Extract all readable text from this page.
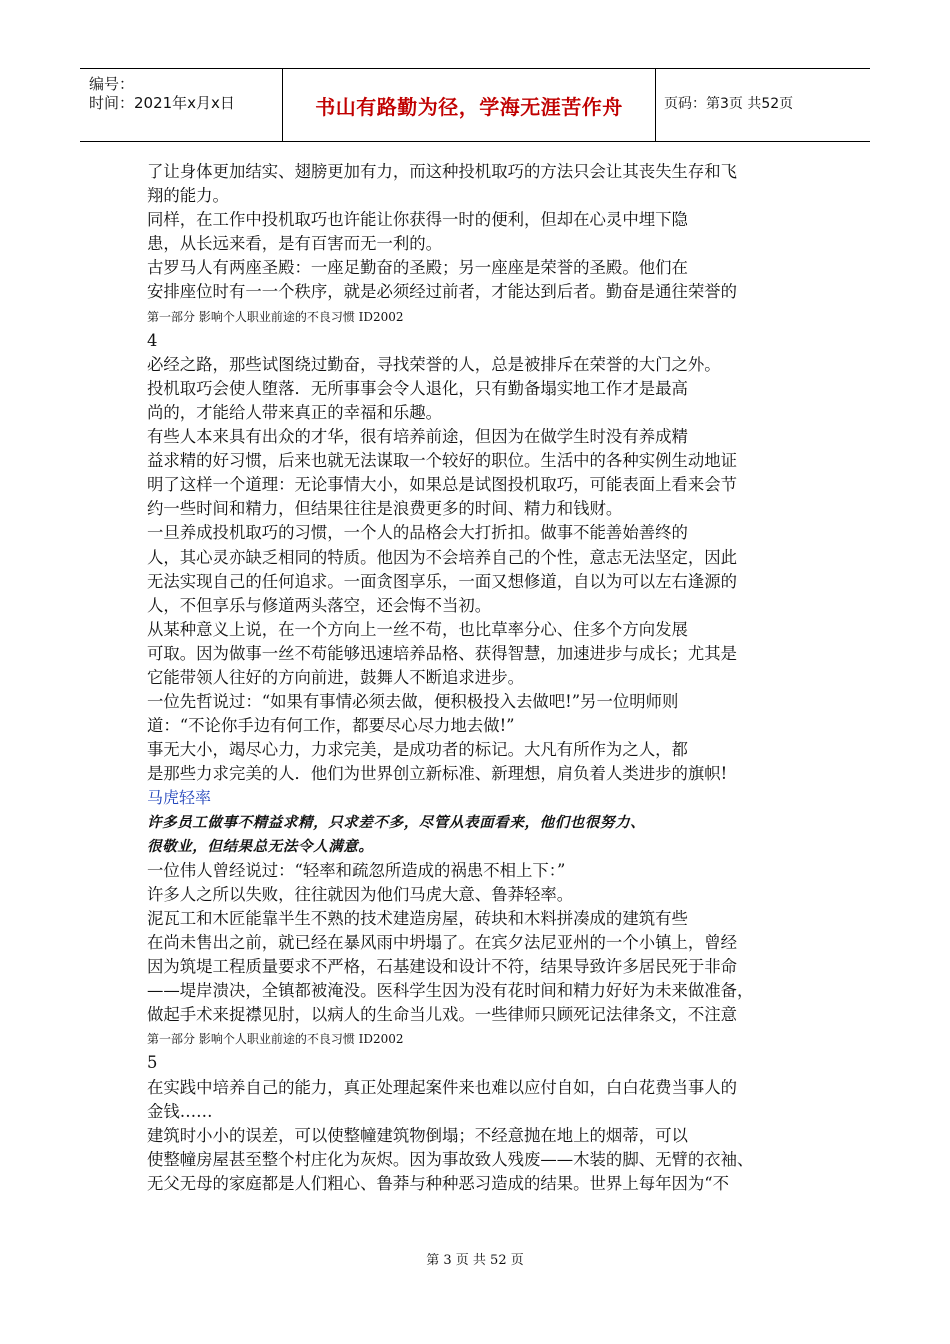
编号：
时间：2021年x月x日	书山有路勤为径，学海无涯苦作舟	页码：第3页 共52页
了让身体更加结实、翅膀更加有力，而这种投机取巧的方法只会让其丧失生存和飞
翔的能力。
同样，在工作中投机取巧也许能让你获得一时的便利，但却在心灵中埋下隐
患，从长远来看，是有百害而无一利的。
古罗马人有两座圣殿：一座足勤奋的圣殿；另一座座是荣誉的圣殿。他们在
安排座位时有一一个秩序，就是必须经过前者，才能达到后者。勤奋是通往荣誉的
第一部分 影响个人职业前途的不良习惯 ID2002
4
必经之路，那些试图绕过勤奋，寻找荣誉的人，总是被排斥在荣誉的大门之外。
投机取巧会使人堕落．无所事事会令人退化，只有勤备塌实地工作才是最高
尚的，才能给人带来真正的幸福和乐趣。
有些人本来具有出众的才华，很有培养前途，但因为在做学生时没有养成精
益求精的好习惯，后来也就无法谋取一个较好的职位。生活中的各种实例生动地证
明了这样一个道理：无论事情大小，如果总是试图投机取巧，可能表面上看来会节
约一些时间和精力，但结果往往是浪费更多的时间、精力和钱财。
一旦养成投机取巧的习惯，一个人的品格会大打折扣。做事不能善始善终的
人，其心灵亦缺乏相同的特质。他因为不会培养自己的个性，意志无法坚定，因此
无法实现自己的任何追求。一面贪图享乐，一面又想修道，自以为可以左右逢源的
人，不但享乐与修道两头落空，还会悔不当初。
从某种意义上说，在一个方向上一丝不苟，也比草率分心、住多个方向发展
可取。因为做事一丝不苟能够迅速培养品格、获得智慧，加速进步与成长；尤其是
它能带领人往好的方向前进，鼓舞人不断追求进步。
一位先哲说过：“如果有事情必须去做，便积极投入去做吧!”另一位明师则
道：“不论你手边有何工作，都要尽心尽力地去做!”
事无大小，竭尽心力，力求完美，是成功者的标记。大凡有所作为之人，都
是那些力求完美的人．他们为世界创立新标准、新理想，肩负着人类进步的旗帜!
马虎轻率
许多员工做事不精益求精，只求差不多，尽管从表面看来，他们也很努力、
很敬业，但结果总无法令人满意。
一位伟人曾经说过：“轻率和疏忽所造成的祸患不相上下：”
许多人之所以失败，往往就因为他们马虎大意、鲁莽轻率。
泥瓦工和木匠能靠半生不熟的技术建造房屋，砖块和木料拼凑成的建筑有些
在尚未售出之前，就已经在暴风雨中坍塌了。在宾夕法尼亚州的一个小镇上，曾经
因为筑堤工程质量要求不严格，石基建设和设计不符，结果导致许多居民死于非命
——堤岸溃决，全镇都被淹没。医科学生因为没有花时间和精力好好为未来做准备，
做起手术来捉襟见肘，以病人的生命当儿戏。一些律师只顾死记法律条文，不注意
第一部分 影响个人职业前途的不良习惯 ID2002
5
在实践中培养自己的能力，真正处理起案件来也难以应付自如，白白花费当事人的
金钱……
建筑时小小的误差，可以使整幢建筑物倒塌；不经意抛在地上的烟蒂，可以
使整幢房屋甚至整个村庄化为灰烬。因为事故致人残废——木装的脚、无臂的衣袖、
无父无母的家庭都是人们粗心、鲁莽与种种恶习造成的结果。世界上每年因为“不
第 3 页 共 52 页
